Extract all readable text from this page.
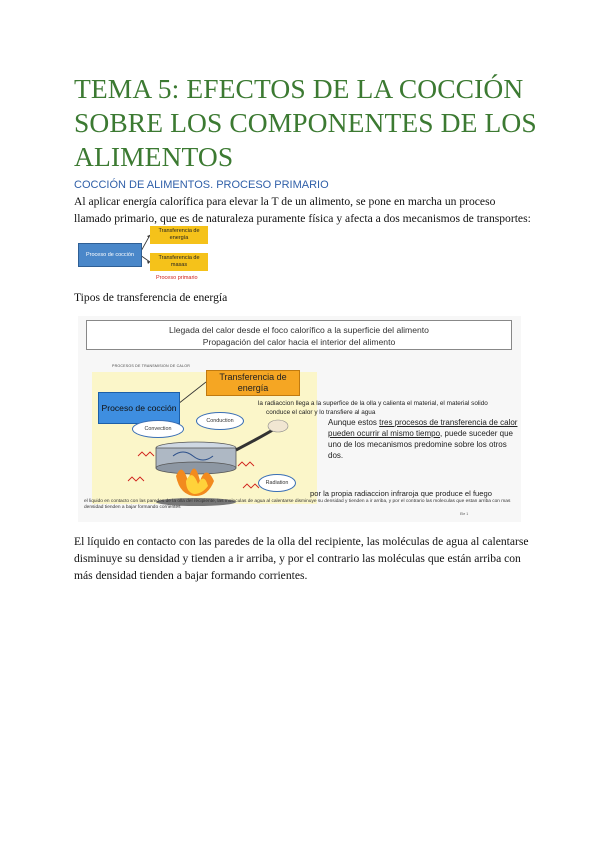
TEMA 5: EFECTOS DE LA COCCIÓN SOBRE LOS COMPONENTES DE LOS ALIMENTOS
COCCIÓN DE ALIMENTOS. PROCESO PRIMARIO
Al aplicar energía calorífica para elevar la T de un alimento, se pone en marcha un proceso llamado primario, que es de naturaleza puramente física y afecta a dos mecanismos de transportes:
Proceso de cocción
Transferencia de energía
Transferencia de masas
Proceso primario
Tipos de transferencia de energía
Llegada del calor desde el foco calorífico a la superficie del alimento
Propagación del calor hacia el interior del alimento
PROCESOS DE TRANSMISION DE CALOR
Transferencia de energía
Proceso de cocción	la radiaccion llega a la superfice de la olla y calienta el material, el material solido
conduce el calor y lo transfiere al agua
Convection
Conduction
Radiation
Aunque estos tres procesos de transferencia de calor pueden ocurrir al mismo tiempo, puede suceder que uno de los mecanismos predomine sobre los otros dos.
por la propia radiaccion infraroja que produce el fuego
el liquido en contacto con las paredes de la olla del recipiente, las moleculas de agua al calentarse disminuye su densidad y tienden a ir arriba, y por el contrario las moleculas que estan arriba con mas densidad tienden a bajar formando corrientes
Ele 1
El líquido en contacto con las paredes de la olla del recipiente, las moléculas de agua al calentarse disminuye su densidad y tienden a ir arriba, y por el contrario las moléculas que están arriba con más densidad tienden a bajar formando corrientes.
